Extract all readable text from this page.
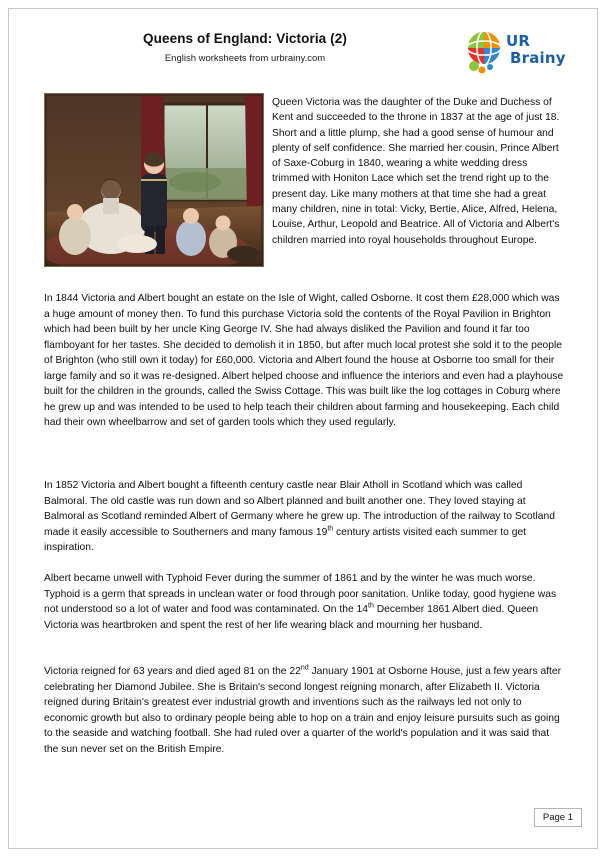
Queens of England: Victoria (2)
English worksheets from urbrainy.com
UR
Brainy
Queen Victoria was the daughter of the Duke and Duchess of Kent and succeeded to the throne in 1837 at the age of just 18. Short and a little plump, she had a good sense of humour and plenty of self confidence. She married her cousin, Prince Albert of Saxe-Coburg in 1840, wearing a white wedding dress trimmed with Honiton Lace which set the trend right up to the present day. Like many mothers at that time she had a great many children, nine in total: Vicky, Bertie, Alice, Alfred, Helena, Louise, Arthur, Leopold and Beatrice. All of Victoria and Albert's children married into royal households throughout Europe.
In 1844 Victoria and Albert bought an estate on the Isle of Wight, called Osborne. It cost them £28,000 which was a huge amount of money then. To fund this purchase Victoria sold the contents of the Royal Pavilion in Brighton which had been built by her uncle King George IV. She had always disliked the Pavilion and found it far too flamboyant for her tastes. She decided to demolish it in 1850, but after much local protest she sold it to the people of Brighton (who still own it today) for £60,000. Victoria and Albert found the house at Osborne too small for their large family and so it was re-designed. Albert helped choose and influence the interiors and even had a playhouse built for the children in the grounds, called the Swiss Cottage. This was built like the log cottages in Coburg where he grew up and was intended to be used to help teach their children about farming and housekeeping. Each child had their own wheelbarrow and set of garden tools which they used regularly.
In 1852 Victoria and Albert bought a fifteenth century castle near Blair Atholl in Scotland which was called Balmoral. The old castle was run down and so Albert planned and built another one. They loved staying at Balmoral as Scotland reminded Albert of Germany where he grew up. The introduction of the railway to Scotland made it easily accessible to Southerners and many famous 19th century artists visited each summer to get inspiration.
Albert became unwell with Typhoid Fever during the summer of 1861 and by the winter he was much worse. Typhoid is a germ that spreads in unclean water or food through poor sanitation. Unlike today, good hygiene was not understood so a lot of water and food was contaminated. On the 14th December 1861 Albert died. Queen Victoria was heartbroken and spent the rest of her life wearing black and mourning her husband.
Victoria reigned for 63 years and died aged 81 on the 22nd January 1901 at Osborne House, just a few years after celebrating her Diamond Jubilee. She is Britain's second longest reigning monarch, after Elizabeth II. Victoria reigned during Britain's greatest ever industrial growth and inventions such as the railways led not only to economic growth but also to ordinary people being able to hop on a train and enjoy leisure pursuits such as going to the seaside and watching football. She had ruled over a quarter of the world's population and it was said that the sun never set on the British Empire.
Page 1
